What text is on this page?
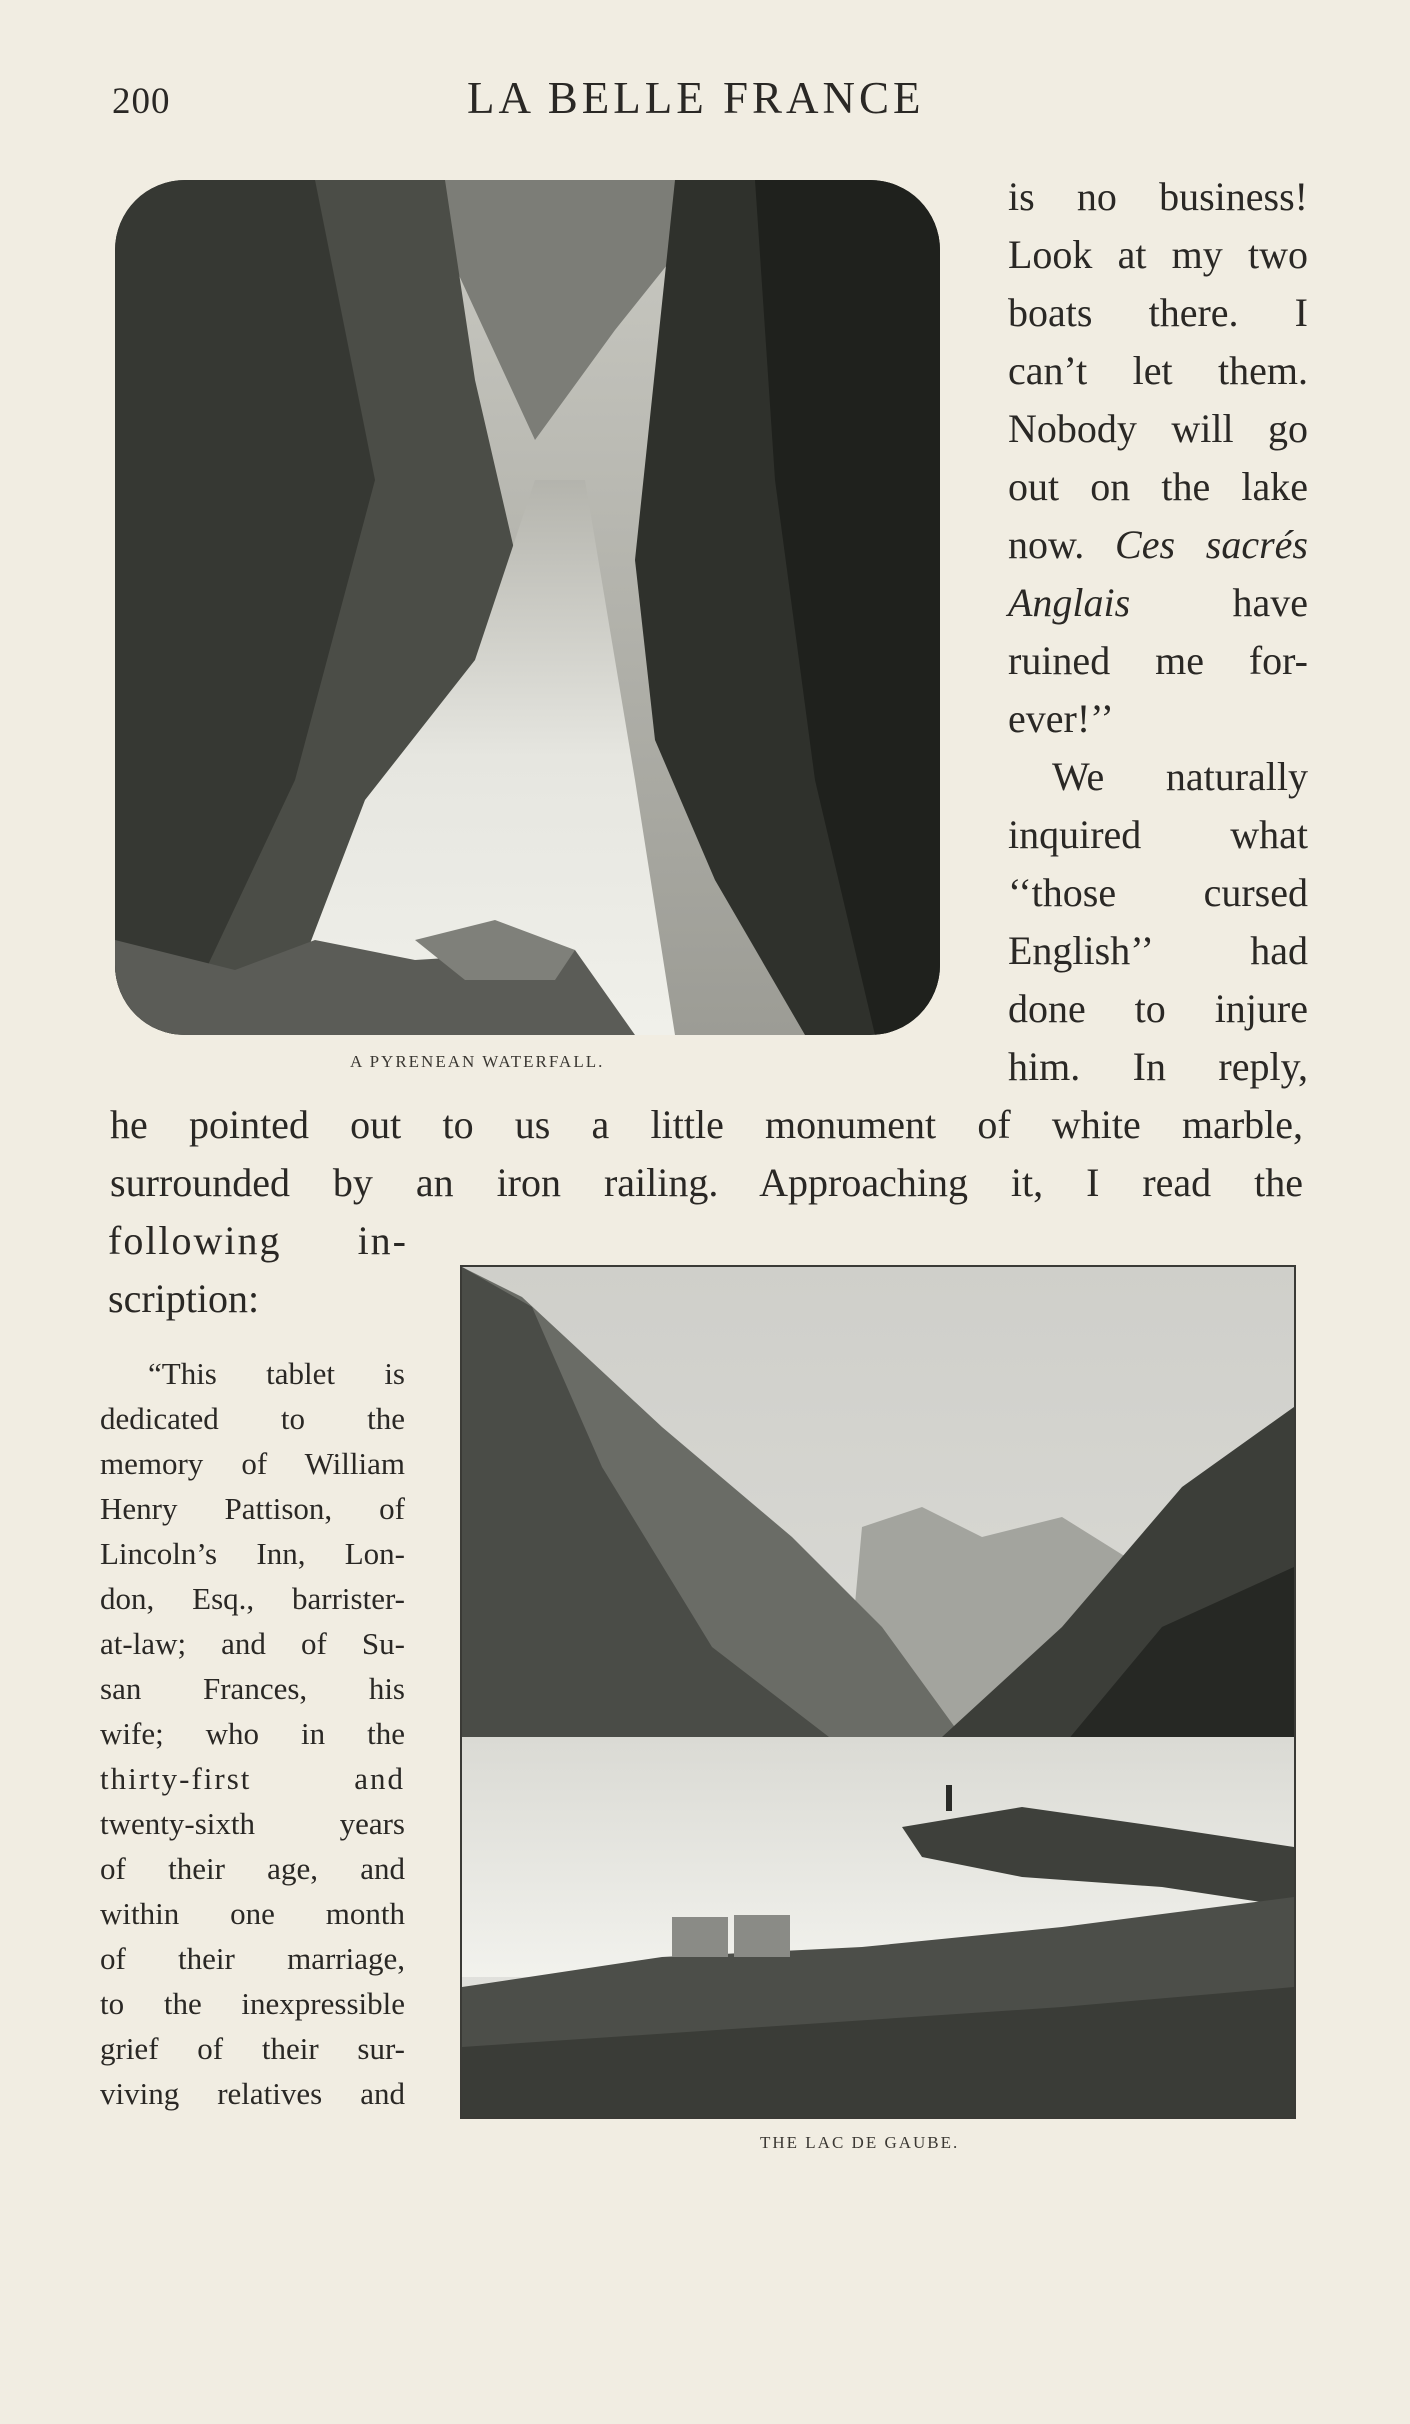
200	LA BELLE FRANCE
A PYRENEAN WATERFALL.
is no business!
Look at my two
boats there. I
can’t let them.
Nobody will go
out on the lake
now. Ces sacrés
Anglais	have
ruined me for-
ever!’’
We naturally
inquired what
‘‘those cursed
English’’ had
done to injure
him. In reply,
he pointed out to us a little monument of white marble,
surrounded by an iron railing. Approaching it, I read the
following in-
scription:
THE LAC DE GAUBE.
“This tablet is
dedicated to the
memory of William
Henry Pattison, of
Lincoln’s Inn, Lon-
don, Esq., barrister-
at-law; and of Su-
san Frances, his
wife; who in the
thirty-first and
twenty-sixth years
of their age, and
within one month
of their marriage,
to the inexpressible
grief of their sur-
viving relatives and
